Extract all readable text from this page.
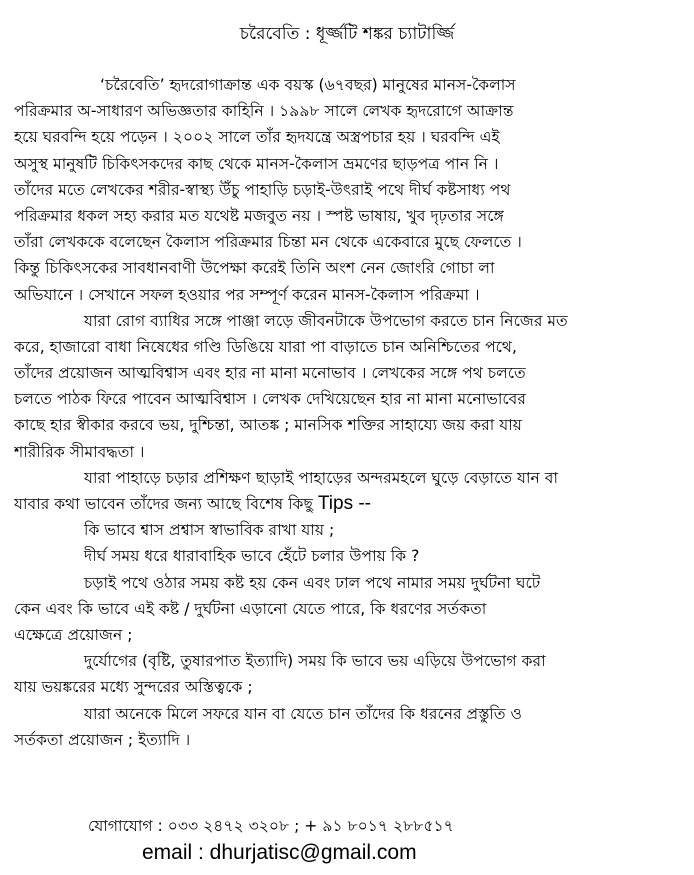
চরৈবেতি : ধূর্জ্জটি শঙ্কর চ্যাটার্জ্জি
‘চরৈবেতি’ হৃদরোগাক্রান্ত এক বয়স্ক (৬৭বছর) মানুষের মানস-কৈলাস
পরিক্রমার অ-সাধারণ অভিজ্ঞতার কাহিনি । ১৯৯৮ সালে লেখক হৃদরোগে আক্রান্ত
হয়ে ঘরবন্দি হয়ে পড়েন । ২০০২ সালে তাঁর হৃদযন্ত্রে অস্ত্রপচার হয় । ঘরবন্দি এই
অসুস্থ মানুষটি চিকিৎসকদের কাছ থেকে মানস-কৈলাস ভ্রমণের ছাড়পত্র পান নি ।
তাঁদের মতে লেখকের শরীর-স্বাস্থ্য উঁচু পাহাড়ি চড়াই-উৎরাই পথে দীর্ঘ কষ্টসাধ্য পথ
পরিক্রমার ধকল সহ্য করার মত যথেষ্ট মজবুত নয় । স্পষ্ট ভাষায়, খুব দৃঢ়তার সঙ্গে
তাঁরা লেখককে বলেছেন কৈলাস পরিক্রমার চিন্তা মন থেকে একেবারে মুছে ফেলতে ।
কিন্তু চিকিৎসকের সাবধানবাণী উপেক্ষা করেই তিনি অংশ নেন জোংরি গোচা লা
অভিযানে । সেখানে সফল হওয়ার পর সম্পূর্ণ করেন মানস-কৈলাস পরিক্রমা ।
যারা রোগ ব্যাধির সঙ্গে পাঞ্জা লড়ে জীবনটাকে উপভোগ করতে চান নিজের মত
করে, হাজারো বাধা নিষেধের গণ্ডি ডিঙিয়ে যারা পা বাড়াতে চান অনিশ্চিতের পথে,
তাঁদের প্রয়োজন আত্মবিশ্বাস এবং হার না মানা মনোভাব । লেখকের সঙ্গে পথ চলতে
চলতে পাঠক ফিরে পাবেন আত্মবিশ্বাস । লেখক দেখিয়েছেন হার না মানা মনোভাবের
কাছে হার স্বীকার করবে ভয়, দুশ্চিন্তা, আতঙ্ক ; মানসিক শক্তির সাহায্যে জয় করা যায়
শারীরিক সীমাবদ্ধতা ।
যারা পাহাড়ে চড়ার প্রশিক্ষণ ছাড়াই পাহাড়ের অন্দরমহলে ঘুড়ে বেড়াতে যান বা
যাবার কথা ভাবেন তাঁদের জন্য আছে বিশেষ কিছু Tips --
কি ভাবে শ্বাস প্রশ্বাস স্বাভাবিক রাখা যায় ;
দীর্ঘ সময় ধরে ধারাবাহিক ভাবে হেঁটে চলার উপায় কি ?
চড়াই পথে ওঠার সময় কষ্ট হয় কেন এবং ঢাল পথে নামার সময় দুর্ঘটনা ঘটে
কেন এবং কি ভাবে এই কষ্ট / দুর্ঘটনা এড়ানো যেতে পারে, কি ধরণের সর্তকতা
এক্ষেত্রে প্রয়োজন ;
দুর্যোগের (বৃষ্টি, তুষারপাত ইত্যাদি) সময় কি ভাবে ভয় এড়িয়ে উপভোগ করা
যায় ভয়ঙ্করের মধ্যে সুন্দরের অস্তিত্বকে ;
যারা অনেকে মিলে সফরে যান বা যেতে চান তাঁদের কি ধরনের প্রস্তুতি ও
সর্তকতা প্রয়োজন ; ইত্যাদি ।
যোগাযোগ : ০৩৩ ২৪৭২ ৩২০৮ ; + ৯১ ৮০১৭ ২৮৮৫১৭
email : dhurjatisc@gmail.com
